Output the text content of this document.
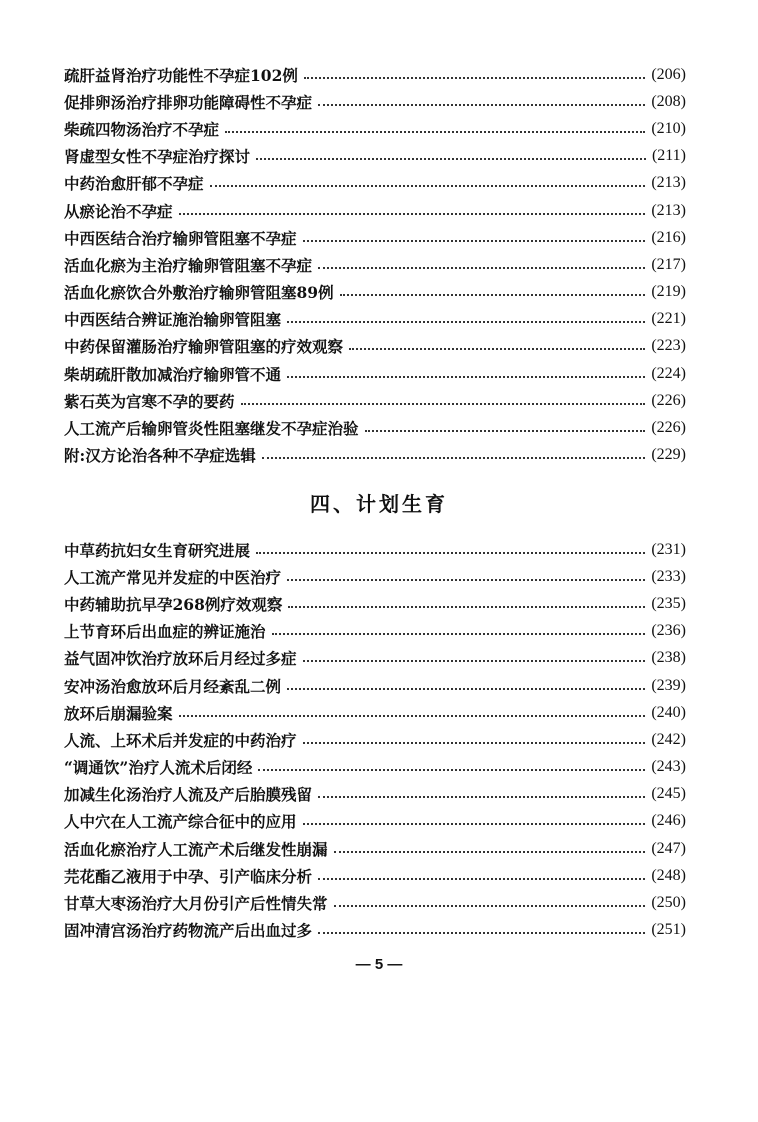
疏肝益肾治疗功能性不孕症102例	(206)
促排卵汤治疗排卵功能障碍性不孕症	(208)
柴疏四物汤治疗不孕症	(210)
肾虚型女性不孕症治疗探讨	(211)
中药治愈肝郁不孕症	(213)
从瘀论治不孕症	(213)
中西医结合治疗输卵管阻塞不孕症	(216)
活血化瘀为主治疗输卵管阻塞不孕症	(217)
活血化瘀饮合外敷治疗输卵管阻塞89例	(219)
中西医结合辨证施治输卵管阻塞	(221)
中药保留灌肠治疗输卵管阻塞的疗效观察	(223)
柴胡疏肝散加减治疗输卵管不通	(224)
紫石英为宫寒不孕的要药	(226)
人工流产后输卵管炎性阻塞继发不孕症治验	(226)
附:汉方论治各种不孕症选辑	(229)
四、计划生育
中草药抗妇女生育研究进展	(231)
人工流产常见并发症的中医治疗	(233)
中药辅助抗早孕268例疗效观察	(235)
上节育环后出血症的辨证施治	(236)
益气固冲饮治疗放环后月经过多症	(238)
安冲汤治愈放环后月经紊乱二例	(239)
放环后崩漏验案	(240)
人流、上环术后并发症的中药治疗	(242)
“调通饮”治疗人流术后闭经	(243)
加减生化汤治疗人流及产后胎膜残留	(245)
人中穴在人工流产综合征中的应用	(246)
活血化瘀治疗人工流产术后继发性崩漏	(247)
芫花酯乙液用于中孕、引产临床分析	(248)
甘草大枣汤治疗大月份引产后性情失常	(250)
固冲清宫汤治疗药物流产后出血过多	(251)
— 5 —
